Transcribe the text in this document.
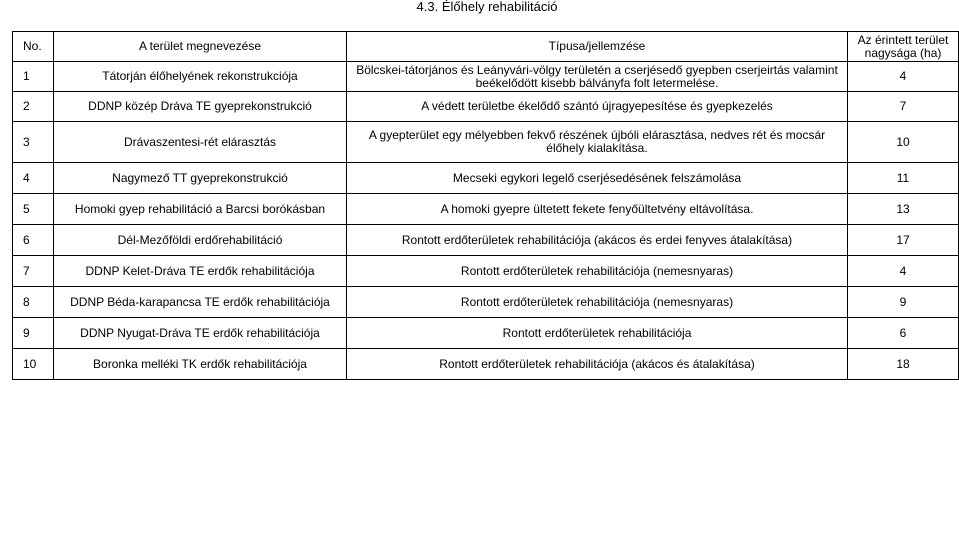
4.3. Élőhely rehabilitáció
No.	A terület megnevezése	Típusa/jellemzése	Az érintett terület nagysága (ha)
1	Tátorján élőhelyének rekonstrukciója	Bölcskei-tátorjános és Leányvári-völgy területén a cserjésedő gyepben cserjeirtás valamint beékelődött kisebb bálványfa folt letermelése.	4
2	DDNP közép Dráva TE gyeprekonstrukció	A védett területbe ékelődő szántó újragyepesítése és gyepkezelés	7
3	Drávaszentesi-rét elárasztás	A gyepterület egy mélyebben fekvő részének újbóli elárasztása, nedves rét és mocsár élőhely kialakítása.	10
4	Nagymező TT gyeprekonstrukció	Mecseki egykori legelő cserjésedésének felszámolása	11
5	Homoki gyep rehabilitáció a Barcsi borókásban	A homoki gyepre ültetett fekete fenyőültetvény eltávolítása.	13
6	Dél-Mezőföldi erdőrehabilitáció	Rontott erdőterületek rehabilitációja (akácos és erdei fenyves átalakítása)	17
7	DDNP Kelet-Dráva TE erdők rehabilitációja	Rontott erdőterületek rehabilitációja (nemesnyaras)	4
8	DDNP Béda-karapancsa TE erdők rehabilitációja	Rontott erdőterületek rehabilitációja (nemesnyaras)	9
9	DDNP Nyugat-Dráva TE erdők rehabilitációja	Rontott erdőterületek rehabilitációja	6
10	Boronka melléki TK erdők rehabilitációja	Rontott erdőterületek rehabilitációja (akácos és átalakítása)	18
